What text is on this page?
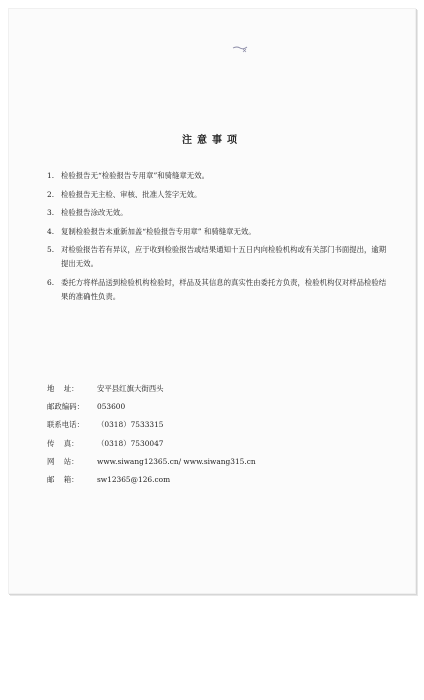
注意事项
1. 检验报告无“检验报告专用章”和骑缝章无效。
2. 检验报告无主检、审核、批准人签字无效。
3. 检验报告涂改无效。
4. 复制检验报告未重新加盖“检验报告专用章” 和骑缝章无效。
5. 对检验报告若有异议，应于收到检验报告或结果通知十五日内向检验机构或有关部门书面提出，逾期提出无效。
6. 委托方将样品送到检验机构检验时，样品及其信息的真实性由委托方负责，检验机构仅对样品检验结果的准确性负责。
地    址：	安平县红旗大街西头
邮政编码：	053600
联系电话：	（0318）7533315
传    真：	（0318）7530047
网    站：	www.siwang12365.cn/ www.siwang315.cn
邮    箱：	sw12365@126.com
